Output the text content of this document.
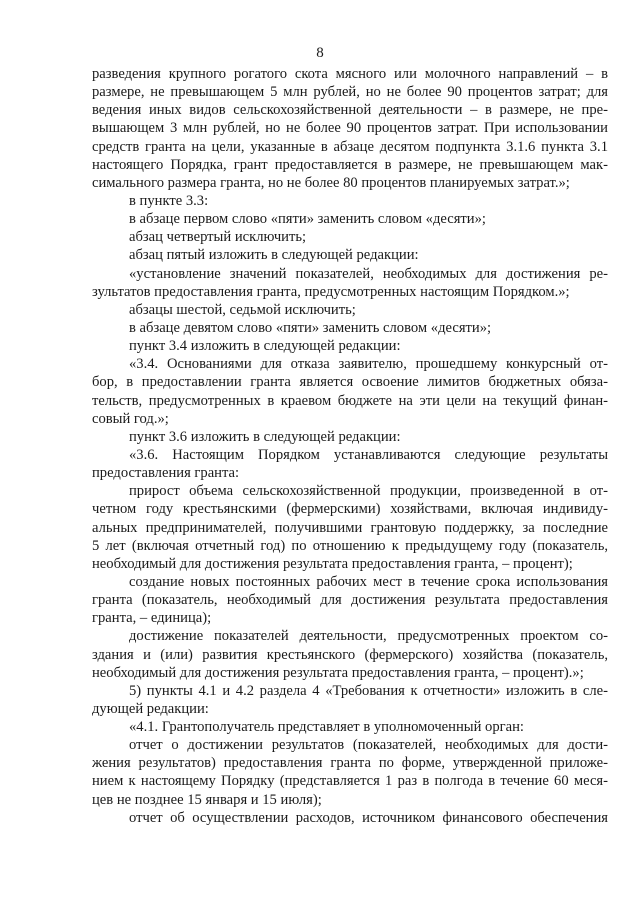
8
разведения крупного рогатого скота мясного или молочного направлений – в
размере, не превышающем 5 млн рублей, но не более 90 процентов затрат; для
ведения иных видов сельскохозяйственной деятельности – в размере, не пре-
вышающем 3 млн рублей, но не более 90 процентов затрат. При использовании
средств гранта на цели, указанные в абзаце десятом подпункта 3.1.6 пункта 3.1
настоящего Порядка, грант предоставляется в размере, не превышающем мак-
симального размера гранта, но не более 80 процентов планируемых затрат.»;
в пункте 3.3:
в абзаце первом слово «пяти» заменить словом «десяти»;
абзац четвертый исключить;
абзац пятый изложить в следующей редакции:
«установление значений показателей, необходимых для достижения ре-
зультатов предоставления гранта, предусмотренных настоящим Порядком.»;
абзацы шестой, седьмой исключить;
в абзаце девятом слово «пяти» заменить словом «десяти»;
пункт 3.4 изложить в следующей редакции:
«3.4. Основаниями для отказа заявителю, прошедшему конкурсный от-
бор, в предоставлении гранта является освоение лимитов бюджетных обяза-
тельств, предусмотренных в краевом бюджете на эти цели на текущий финан-
совый год.»;
пункт 3.6 изложить в следующей редакции:
«3.6. Настоящим Порядком устанавливаются следующие результаты
предоставления гранта:
прирост объема сельскохозяйственной продукции, произведенной в от-
четном году крестьянскими (фермерскими) хозяйствами, включая индивиду-
альных предпринимателей, получившими грантовую поддержку, за последние
5 лет (включая отчетный год) по отношению к предыдущему году (показатель,
необходимый для достижения результата предоставления гранта, – процент);
создание новых постоянных рабочих мест в течение срока использования
гранта (показатель, необходимый для достижения результата предоставления
гранта, – единица);
достижение показателей деятельности, предусмотренных проектом со-
здания и (или) развития крестьянского (фермерского) хозяйства (показатель,
необходимый для достижения результата предоставления гранта, – процент).»;
5) пункты 4.1 и 4.2 раздела 4 «Требования к отчетности» изложить в сле-
дующей редакции:
«4.1. Грантополучатель представляет в уполномоченный орган:
отчет о достижении результатов (показателей, необходимых для дости-
жения результатов) предоставления гранта по форме, утвержденной приложе-
нием к настоящему Порядку (представляется 1 раз в полгода в течение 60 меся-
цев не позднее 15 января и 15 июля);
отчет об осуществлении расходов, источником финансового обеспечения
